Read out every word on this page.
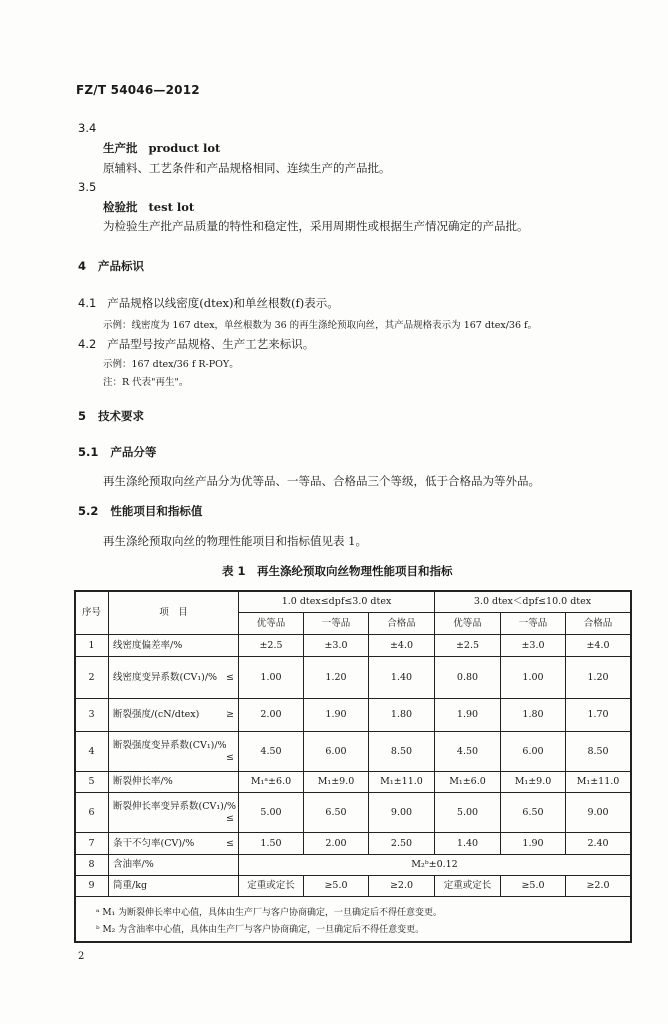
FZ/T 54046—2012
3.4
生产批 product lot
原辅料、工艺条件和产品规格相同、连续生产的产品批。
3.5
检验批 test lot
为检验生产批产品质量的特性和稳定性，采用周期性或根据生产情况确定的产品批。
4 产品标识
4.1 产品规格以线密度(dtex)和单丝根数(f)表示。
示例：线密度为 167 dtex，单丝根数为 36 的再生涤纶预取向丝，其产品规格表示为 167 dtex/36 f。
4.2 产品型号按产品规格、生产工艺来标识。
示例：167 dtex/36 f R-POY。
注：R 代表"再生"。
5 技术要求
5.1 产品分等
再生涤纶预取向丝产品分为优等品、一等品、合格品三个等级，低于合格品为等外品。
5.2 性能项目和指标值
再生涤纶预取向丝的物理性能项目和指标值见表 1。
表 1　再生涤纶预取向丝物理性能项目和指标
序号	项　目	1.0 dtex≤dpf≤3.0 dtex			3.0 dtex＜dpf≤10.0 dtex		
		优等品	一等品	合格品	优等品	一等品	合格品
1	线密度偏差率/%	±2.5	±3.0	±4.0	±2.5	±3.0	±4.0
2	线密度变异系数(CV₁)/% ≤	1.00	1.20	1.40	0.80	1.00	1.20
3	断裂强度/(cN/dtex) ≥	2.00	1.90	1.80	1.90	1.80	1.70
4	断裂强度变异系数(CV₁)/%
≤	4.50	6.00	8.50	4.50	6.00	8.50
5	断裂伸长率/%	M₁ᵃ±6.0	M₁±9.0	M₁±11.0	M₁±6.0	M₁±9.0	M₁±11.0
6	断裂伸长率变异系数(CV₁)/%
≤	5.00	6.50	9.00	5.00	6.50	9.00
7	条干不匀率(CV)/% ≤	1.50	2.00	2.50	1.40	1.90	2.40
8	含油率/%	M₂ᵇ±0.12					
9	筒重/kg	定重或定长	≥5.0	≥2.0	定重或定长	≥5.0	≥2.0

ᵃ M₁ 为断裂伸长率中心值，具体由生产厂与客户协商确定，一旦确定后不得任意变更。
ᵇ M₂ 为含油率中心值，具体由生产厂与客户协商确定，一旦确定后不得任意变更。
2
